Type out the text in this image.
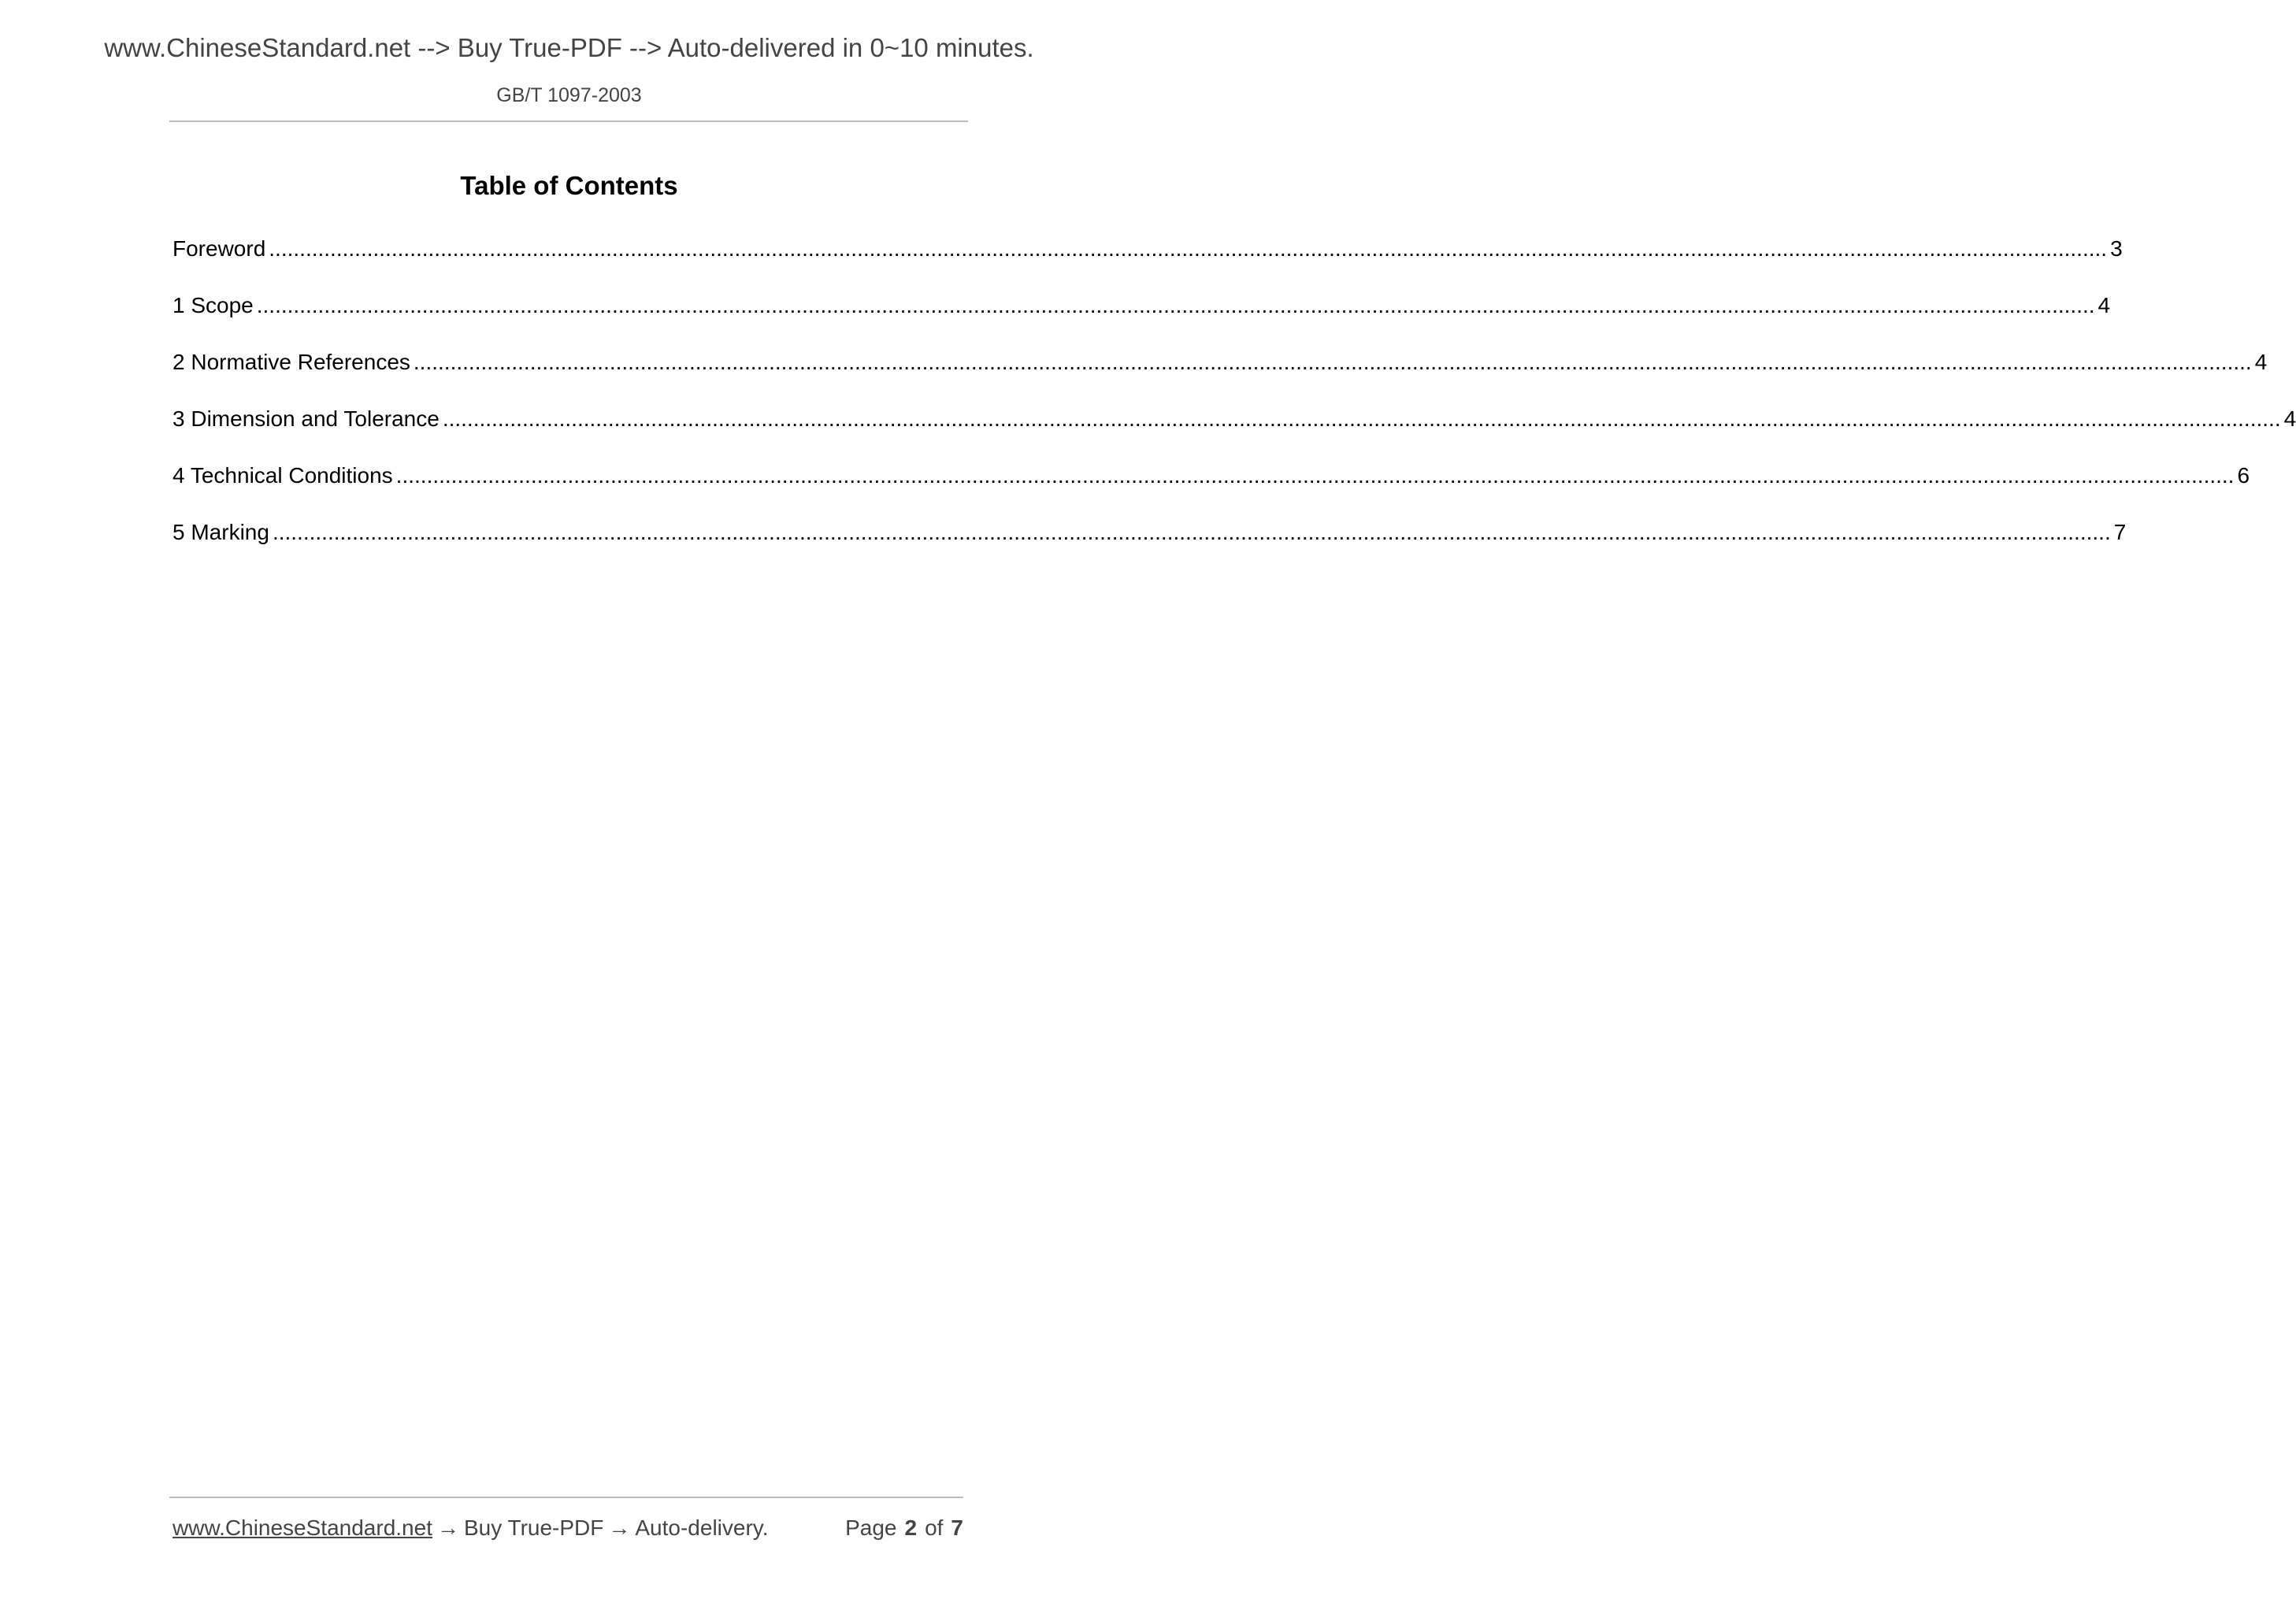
www.ChineseStandard.net --> Buy True-PDF --> Auto-delivered in 0~10 minutes.
GB/T 1097-2003
Table of Contents
Foreword ............................................................................................................................................................................................................................................................................................................ 3
1 Scope ............................................................................................................................................................................................................................................................................................................ 4
2 Normative References ............................................................................................................................................................................................................................................................................................................ 4
3 Dimension and Tolerance ............................................................................................................................................................................................................................................................................................................ 4
4 Technical Conditions ............................................................................................................................................................................................................................................................................................................ 6
5 Marking ............................................................................................................................................................................................................................................................................................................ 7
www.ChineseStandard.net → Buy True-PDF → Auto-delivery.	Page 2 of 7
